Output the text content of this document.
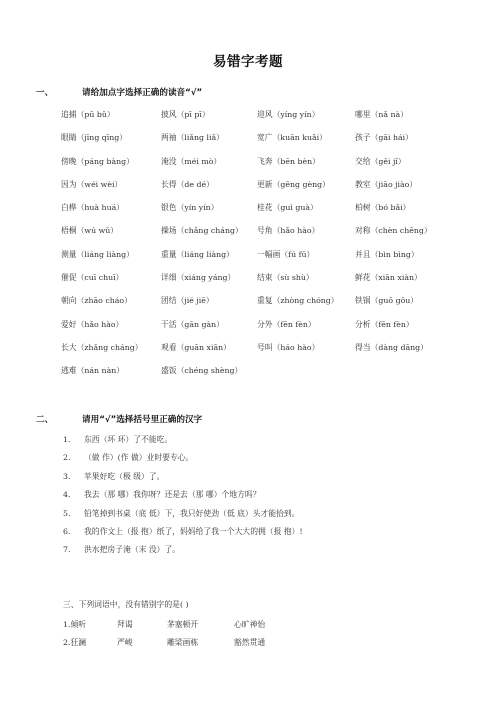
易错字考题
一、	请给加点字选择正确的读音“√”
追捕（pū bǔ）	披风（pī pī）	迎风（yíng yín）	哪里（nǎ nà）
眼睛（jīng qīng）	两袖（liǎng liǎ）	宽广（kuān kuǎi）	孩子（gāi hái）
傍晚（páng bàng）	淹没（méi mò）	飞奔（bēn bèn）	交给（gěi jǐ）
因为（wéi wèi）	长得（de dé）	更新（gēng gèng）	教室（jiāo jiào）
白桦（huà huá）	银色（yín yín）	桂花（guì guà）	柏树（bó bǎi）
梧桐（wú wǔ）	操场（chǎng cháng） 号角（hǎo hào）	对称（chèn chēng）
测量（liáng liàng）	重量（liáng liàng）	一幅画（fú fǔ）	并且（bìn bìng）
催促（cuī chuī）	详细（xiáng yáng）	结束（sù shù）	鲜花（xiān xiàn）
朝向（zhāo cháo）	团结（jié jiē）	重复（zhòng chóng） 铁锅（guō gǒu）
爱好（hǎo hào）	干活（gān gàn）	分外（fēn fèn）	分析（fēn fèn）
长大（zhǎng cháng） 观看（guān xiān）	号叫（háo hào）	得当（dàng dāng）
逃难（nán nàn）	盛饭（chéng shèng）
二、	请用“√”选择括号里正确的汉字
1. 东西（坏 环）了不能吃。
2. （做 作）(作 做）业时要专心。
3. 苹果好吃（极 级）了。
4. 我去（那 哪）我你呀？还是去（那 哪）个地方吗？
5. 铅笔掉到书桌（底 低）下，我只好使劲（低 底）头才能拾到。
6. 我的作文上（报 抱）纸了，妈妈给了我一个大大的拥（报 抱）!
7. 洪水把房子淹（末 没）了。
三、下列词语中，没有错别字的是( )
1.倾听	拜谒	茅塞顿开	心旷神怡
2.狂澜	严峻	雕梁画栋	豁然贯通
